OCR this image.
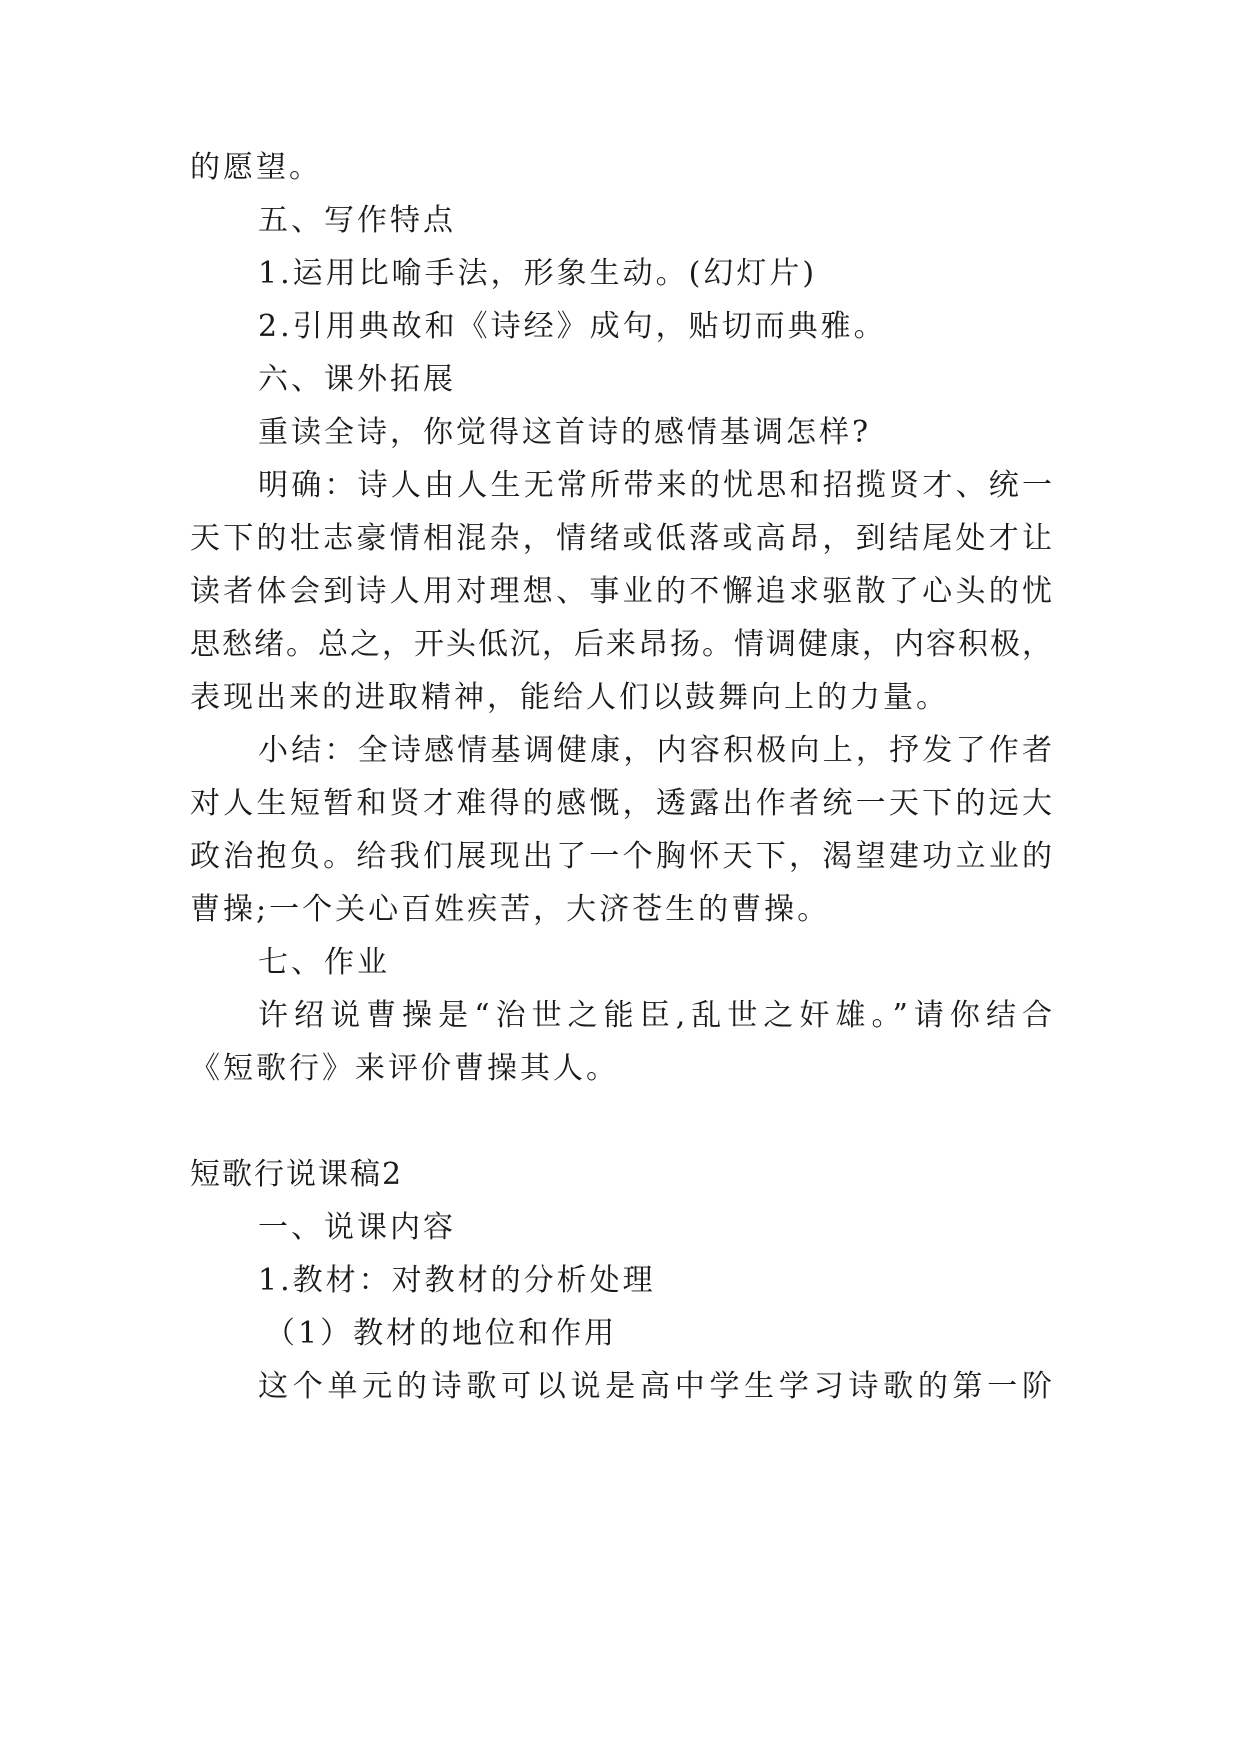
的愿望。
五、写作特点
1.运用比喻手法，形象生动。(幻灯片)
2.引用典故和《诗经》成句，贴切而典雅。
六、课外拓展
重读全诗，你觉得这首诗的感情基调怎样?
明确：诗人由人生无常所带来的忧思和招揽贤才、统一
天下的壮志豪情相混杂，情绪或低落或高昂，到结尾处才让
读者体会到诗人用对理想、事业的不懈追求驱散了心头的忧
思愁绪。总之，开头低沉，后来昂扬。情调健康，内容积极，
表现出来的进取精神，能给人们以鼓舞向上的力量。
小结：全诗感情基调健康，内容积极向上，抒发了作者
对人生短暂和贤才难得的感慨，透露出作者统一天下的远大
政治抱负。给我们展现出了一个胸怀天下，渴望建功立业的
曹操;一个关心百姓疾苦，大济苍生的曹操。
七、作业
许绍说曹操是“治世之能臣,乱世之奸雄。”请你结合
《短歌行》来评价曹操其人。
短歌行说课稿2
一、说课内容
1.教材：对教材的分析处理
（1）教材的地位和作用
这个单元的诗歌可以说是高中学生学习诗歌的第一阶
